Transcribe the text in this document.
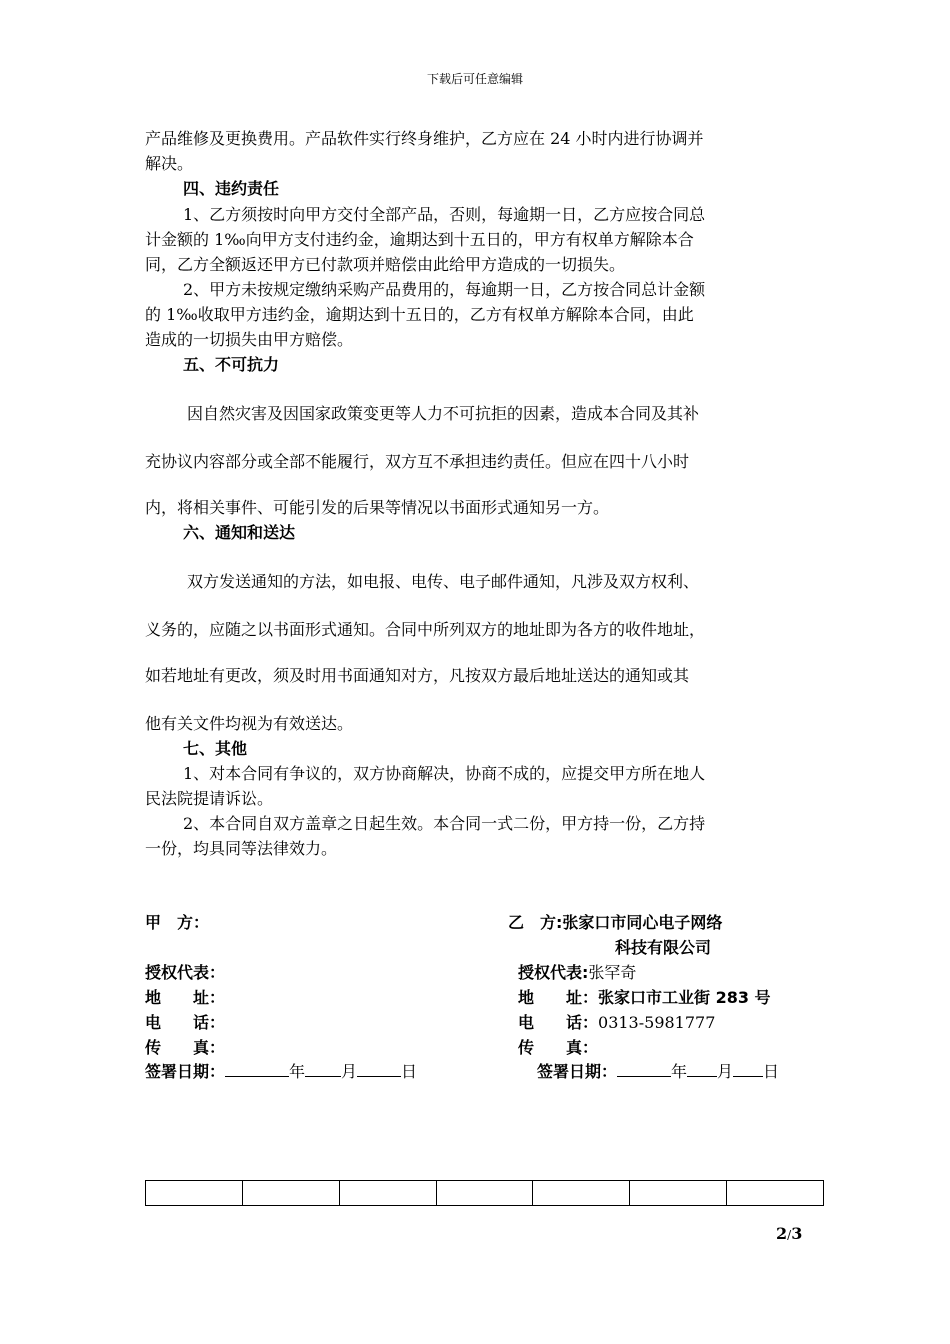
下载后可任意编辑
产品维修及更换费用。产品软件实行终身维护，乙方应在 24 小时内进行协调并
解决。
四、违约责任
1、乙方须按时向甲方交付全部产品，否则，每逾期一日，乙方应按合同总
计金额的 1‰向甲方支付违约金，逾期达到十五日的，甲方有权单方解除本合
同，乙方全额返还甲方已付款项并赔偿由此给甲方造成的一切损失。
2、甲方未按规定缴纳采购产品费用的，每逾期一日，乙方按合同总计金额
的 1‰收取甲方违约金，逾期达到十五日的，乙方有权单方解除本合同，由此
造成的一切损失由甲方赔偿。
五、不可抗力
因自然灾害及因国家政策变更等人力不可抗拒的因素，造成本合同及其补
充协议内容部分或全部不能履行，双方互不承担违约责任。但应在四十八小时
内，将相关事件、可能引发的后果等情况以书面形式通知另一方。
六、通知和送达
双方发送通知的方法，如电报、电传、电子邮件通知，凡涉及双方权利、
义务的，应随之以书面形式通知。合同中所列双方的地址即为各方的收件地址，
如若地址有更改，须及时用书面通知对方，凡按双方最后地址送达的通知或其
他有关文件均视为有效送达。
七、其他
1、对本合同有争议的，双方协商解决，协商不成的，应提交甲方所在地人
民法院提请诉讼。
2、本合同自双方盖章之日起生效。本合同一式二份，甲方持一份，乙方持
一份，均具同等法律效力。
甲　方：
授权代表：
地　　址：
电　　话：
传　　真：
签署日期：	年 月	日
乙　方:张家口市同心电子网络
科技有限公司
授权代表:张罕奇
地　　址：张家口市工业街 283 号
电　　话：0313-5981777
传　　真：
签署日期：	年 月 日

2/3
